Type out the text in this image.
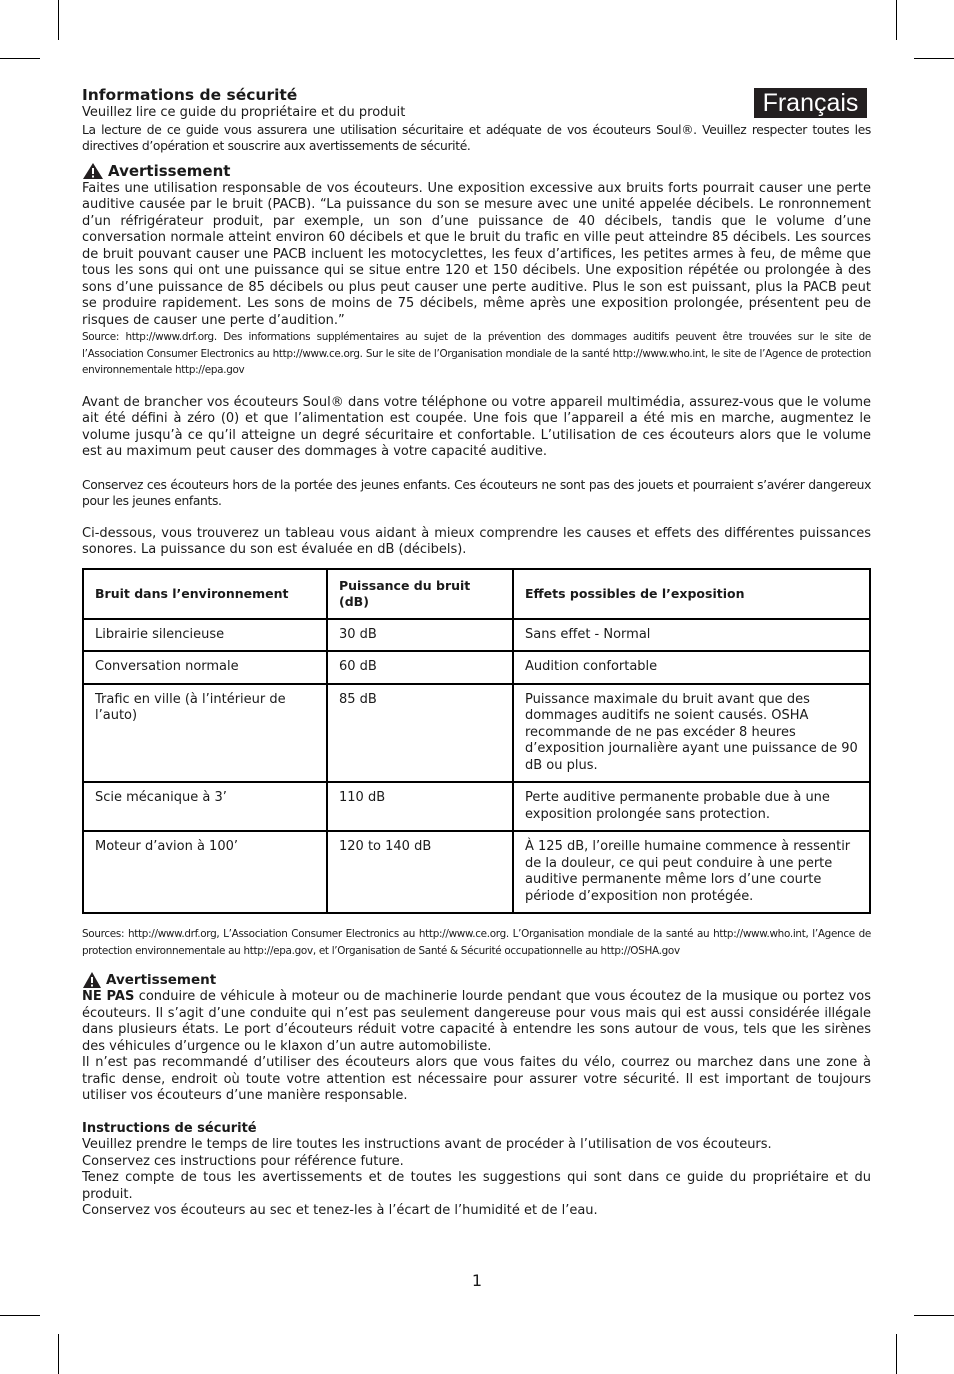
Français
Informations de sécurité

Veuillez lire ce guide du propriétaire et du produit

La lecture de ce guide vous assurera une utilisation sécuritaire et adéquate de vos écouteurs Soul®. Veuillez respecter toutes les directives d’opération et souscrire aux avertissements de sécurité.

Avertissement

Faites une utilisation responsable de vos écouteurs. Une exposition excessive aux bruits forts pourrait causer une perte auditive causée par le bruit (PACB). “La puissance du son se mesure avec une unité appelée décibels. Le ronronnement d’un réfrigérateur produit, par exemple, un son d’une puissance de 40 décibels, tandis que le volume d’une conversation normale atteint environ 60 décibels et que le bruit du trafic en ville peut atteindre 85 décibels. Les sources de bruit pouvant causer une PACB incluent les motocyclettes, les feux d’artifices, les petites armes à feu, de même que tous les sons qui ont une puissance qui se situe entre 120 et 150 décibels. Une exposition répétée ou prolongée à des sons d’une puissance de 85 décibels ou plus peut causer une perte auditive. Plus le son est puissant, plus la PACB peut se produire rapidement. Les sons de moins de 75 décibels, même après une exposition prolongée, présentent peu de risques de causer une perte d’audition.”

Source: http://www.drf.org. Des informations supplémentaires au sujet de la prévention des dommages auditifs peuvent être trouvées sur le site de l’Association Consumer Electronics au http://www.ce.org. Sur le site de l’Organisation mondiale de la santé http://www.who.int, le site de l’Agence de protection environnementale http://epa.gov

Avant de brancher vos écouteurs Soul® dans votre téléphone ou votre appareil multimédia, assurez-vous que le volume ait été défini à zéro (0) et que l’alimentation est coupée. Une fois que l’appareil a été mis en marche, augmentez le volume jusqu’à ce qu’il atteigne un degré sécuritaire et confortable. L’utilisation de ces écouteurs alors que le volume est au maximum peut causer des dommages à votre capacité auditive.

Conservez ces écouteurs hors de la portée des jeunes enfants. Ces écouteurs ne sont pas des jouets et pourraient s’avérer dangereux pour les jeunes enfants.

Ci-dessous, vous trouverez un tableau vous aidant à mieux comprendre les causes et effets des différentes puissances sonores. La puissance du son est évaluée en dB (décibels).

Bruit dans l’environnement	Puissance du bruit (dB)	Effets possibles de l’exposition
Librairie silencieuse	30 dB	Sans effet - Normal
Conversation normale	60 dB	Audition confortable
Trafic en ville (à l’intérieur de l’auto)	85 dB	Puissance maximale du bruit avant que des dommages auditifs ne soient causés. OSHA recommande de ne pas excéder 8 heures d’exposition journalière ayant une puissance de 90 dB ou plus.
Scie mécanique à 3’	110 dB	Perte auditive permanente probable due à une exposition prolongée sans protection.
Moteur d’avion à 100’	120 to 140 dB	À 125 dB, l’oreille humaine commence à ressentir de la douleur, ce qui peut conduire à une perte auditive permanente même lors d’une courte période d’exposition non protégée.

Sources: http://www.drf.org, L’Association Consumer Electronics au http://www.ce.org. L’Organisation mondiale de la santé au http://www.who.int, l’Agence de protection environnementale au http://epa.gov, et l’Organisation de Santé & Sécurité occupationnelle au http://OSHA.gov

Avertissement

NE PAS conduire de véhicule à moteur ou de machinerie lourde pendant que vous écoutez de la musique ou portez vos écouteurs. Il s’agit d’une conduite qui n’est pas seulement dangereuse pour vous mais qui est aussi considérée illégale dans plusieurs états. Le port d’écouteurs réduit votre capacité à entendre les sons autour de vous, tels que les sirènes des véhicules d’urgence ou le klaxon d’un autre automobiliste.

Il n’est pas recommandé d’utiliser des écouteurs alors que vous faites du vélo, courrez ou marchez dans une zone à trafic dense, endroit où toute votre attention est nécessaire pour assurer votre sécurité. Il est important de toujours utiliser vos écouteurs d’une manière responsable.

Instructions de sécurité

Veuillez prendre le temps de lire toutes les instructions avant de procéder à l’utilisation de vos écouteurs.

Conservez ces instructions pour référence future.

Tenez compte de tous les avertissements et de toutes les suggestions qui sont dans ce guide du propriétaire et du produit.

Conservez vos écouteurs au sec et tenez-les à l’écart de l’humidité et de l’eau.

1
